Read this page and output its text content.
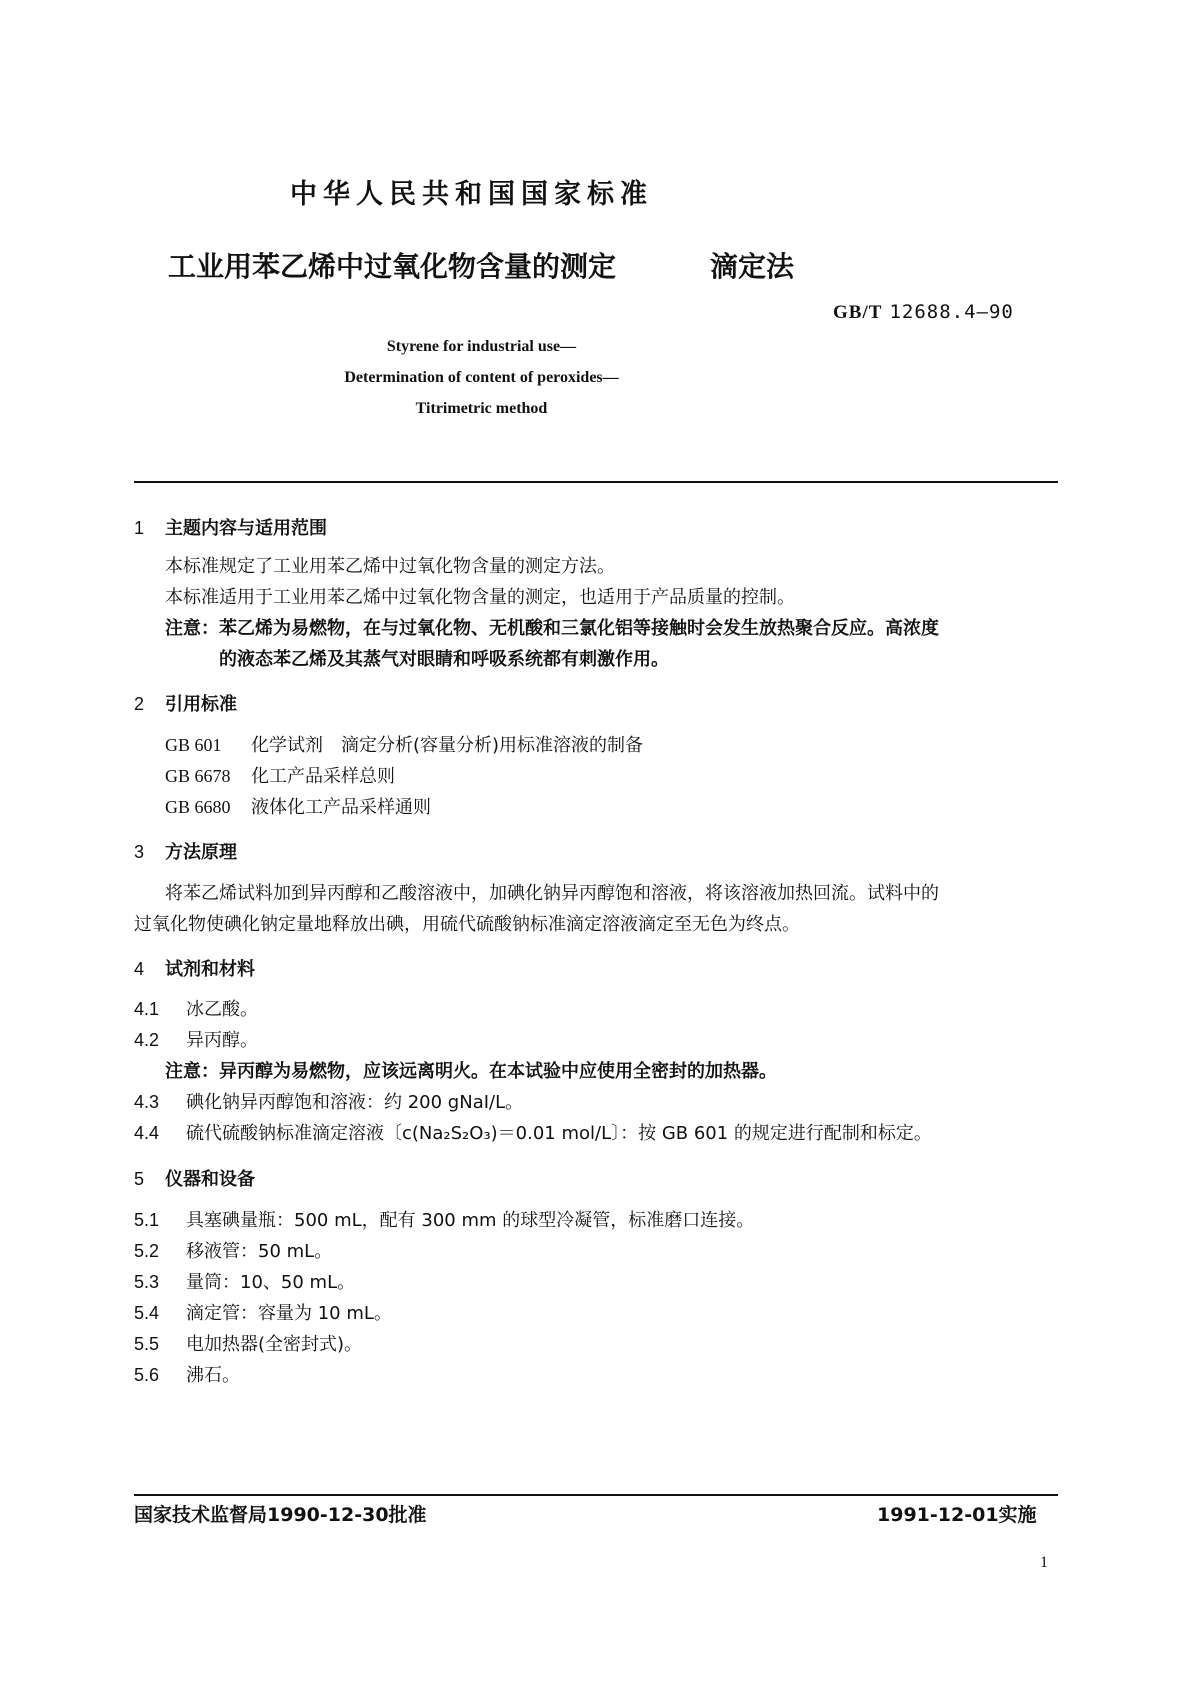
中华人民共和国国家标准
工业用苯乙烯中过氧化物含量的测定	滴定法
GB/T 12688.4—90
Styrene for industrial use—
Determination of content of peroxides—
Titrimetric method
1 主题内容与适用范围
本标准规定了工业用苯乙烯中过氧化物含量的测定方法。
本标准适用于工业用苯乙烯中过氧化物含量的测定，也适用于产品质量的控制。
注意：苯乙烯为易燃物，在与过氧化物、无机酸和三氯化铝等接触时会发生放热聚合反应。高浓度
的液态苯乙烯及其蒸气对眼睛和呼吸系统都有刺激作用。
2 引用标准
GB 601 化学试剂　滴定分析(容量分析)用标准溶液的制备
GB 6678 化工产品采样总则
GB 6680 液体化工产品采样通则
3 方法原理
将苯乙烯试料加到异丙醇和乙酸溶液中，加碘化钠异丙醇饱和溶液，将该溶液加热回流。试料中的
过氧化物使碘化钠定量地释放出碘，用硫代硫酸钠标准滴定溶液滴定至无色为终点。
4 试剂和材料
4.1 冰乙酸。
4.2 异丙醇。
注意：异丙醇为易燃物，应该远离明火。在本试验中应使用全密封的加热器。
4.3 碘化钠异丙醇饱和溶液：约 200 gNaI/L。
4.4 硫代硫酸钠标准滴定溶液〔c(Na₂S₂O₃)＝0.01 mol/L〕：按 GB 601 的规定进行配制和标定。
5 仪器和设备
5.1 具塞碘量瓶：500 mL，配有 300 mm 的球型冷凝管，标准磨口连接。
5.2 移液管：50 mL。
5.3 量筒：10、50 mL。
5.4 滴定管：容量为 10 mL。
5.5 电加热器(全密封式)。
5.6 沸石。
国家技术监督局1990-12-30批准	1991-12-01实施
1
